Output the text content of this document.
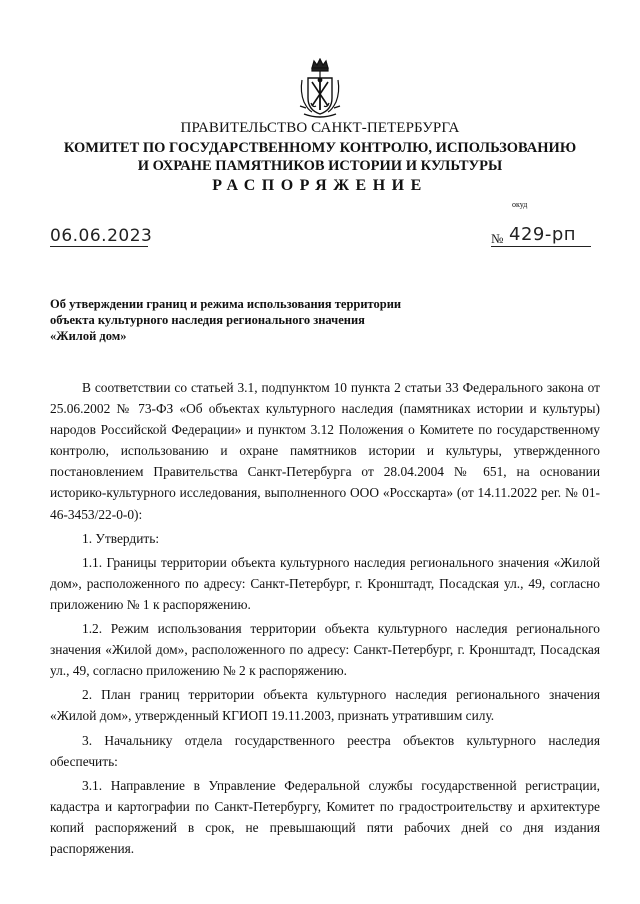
ПРАВИТЕЛЬСТВО САНКТ-ПЕТЕРБУРГА
КОМИТЕТ ПО ГОСУДАРСТВЕННОМУ КОНТРОЛЮ, ИСПОЛЬЗОВАНИЮ
И ОХРАНЕ ПАМЯТНИКОВ ИСТОРИИ И КУЛЬТУРЫ
РАСПОРЯЖЕНИЕ
окуд
06.06.2023	№ 429-рп
Об утверждении границ и режима использования территории
объекта культурного наследия регионального значения
«Жилой дом»

В соответствии со статьей 3.1, подпунктом 10 пункта 2 статьи 33 Федерального закона от 25.06.2002 № 73-ФЗ «Об объектах культурного наследия (памятниках истории и культуры) народов Российской Федерации» и пунктом 3.12 Положения о Комитете по государственному контролю, использованию и охране памятников истории и культуры, утвержденного постановлением Правительства Санкт-Петербурга от 28.04.2004 № 651, на основании историко-культурного исследования, выполненного ООО «Росскарта» (от 14.11.2022 рег. № 01-46-3453/22-0-0):

1. Утвердить:

1.1. Границы территории объекта культурного наследия регионального значения «Жилой дом», расположенного по адресу: Санкт-Петербург, г. Кронштадт, Посадская ул., 49, согласно приложению № 1 к распоряжению.

1.2. Режим использования территории объекта культурного наследия регионального значения «Жилой дом», расположенного по адресу: Санкт-Петербург, г. Кронштадт, Посадская ул., 49, согласно приложению № 2 к распоряжению.

2. План границ территории объекта культурного наследия регионального значения «Жилой дом», утвержденный КГИОП 19.11.2003, признать утратившим силу.

3. Начальнику отдела государственного реестра объектов культурного наследия обеспечить:

3.1. Направление в Управление Федеральной службы государственной регистрации, кадастра и картографии по Санкт-Петербургу, Комитет по градостроительству и архитектуре копий распоряжений в срок, не превышающий пяти рабочих дней со дня издания распоряжения.
